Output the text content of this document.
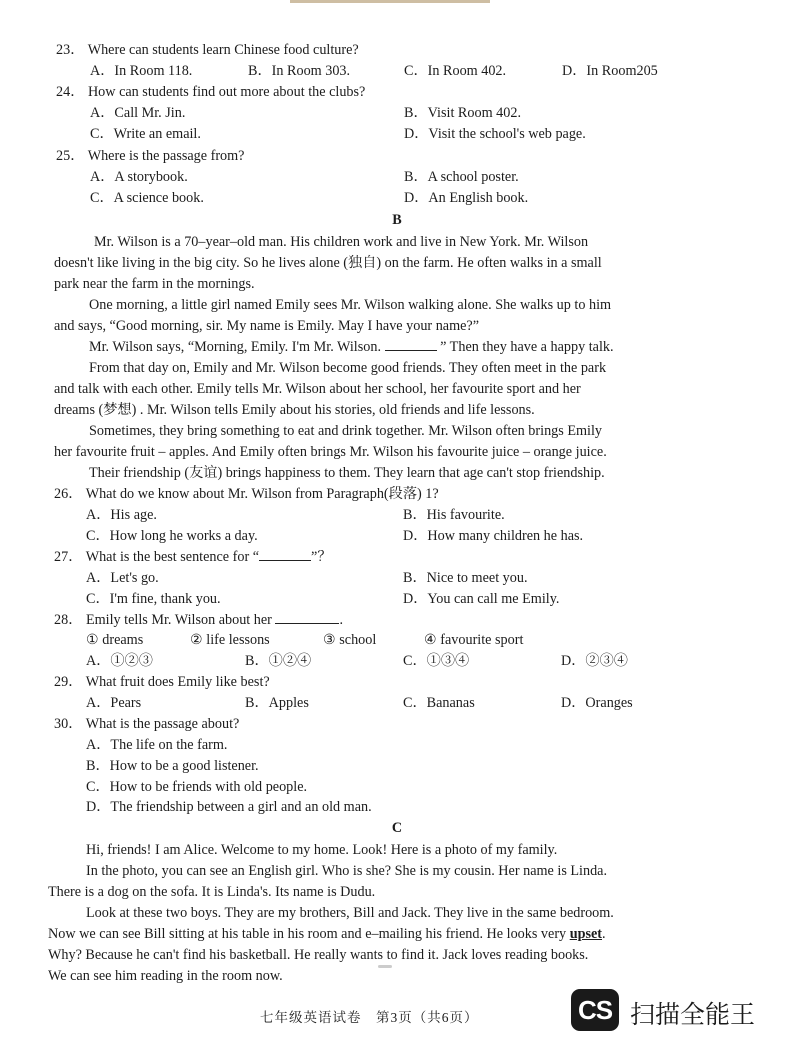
23． Where can students learn Chinese food culture?
A．In Room 118.	B．In Room 303.	C．In Room 402.	D．In Room205
24． How can students find out more about the clubs?
A．Call Mr. Jin.	B．Visit Room 402.
C．Write an email.	D．Visit the school's web page.
25． Where is the passage from?
A．A storybook.	B．A school poster.
C．A science book.	D．An English book.
B
Mr. Wilson is a 70–year–old man. His children work and live in New York. Mr. Wilson
doesn't like living in the big city. So he lives alone (独自) on the farm. He often walks in a small
park near the farm in the mornings.
One morning, a little girl named Emily sees Mr. Wilson walking alone. She walks up to him
and says, “Good morning, sir. My name is Emily. May I have your name?”
Mr. Wilson says, “Morning, Emily. I'm Mr. Wilson.	” Then they have a happy talk.
From that day on, Emily and Mr. Wilson become good friends. They often meet in the park
and talk with each other. Emily tells Mr. Wilson about her school, her favourite sport and her
dreams (梦想) . Mr. Wilson tells Emily about his stories, old friends and life lessons.
Sometimes, they bring something to eat and drink together. Mr. Wilson often brings Emily
her favourite fruit – apples. And Emily often brings Mr. Wilson his favourite juice – orange juice.
Their friendship (友谊) brings happiness to them. They learn that age can't stop friendship.
26． What do we know about Mr. Wilson from Paragraph(段落) 1?
A．His age.	B．His favourite.
C．How long he works a day.	D．How many children he has.
27． What is the best sentence for “	”？
A．Let's go.	B．Nice to meet you.
C．I'm fine, thank you.	D．You can call me Emily.
28． Emily tells Mr. Wilson about her	.
① dreams	② life lessons	③ school	④ favourite sport
A．①②③	B．①②④	C．①③④	D．②③④
29． What fruit does Emily like best?
A．Pears	B．Apples	C．Bananas	D．Oranges
30． What is the passage about?
A．The life on the farm.
B．How to be a good listener.
C．How to be friends with old people.
D．The friendship between a girl and an old man.
C
Hi, friends! I am Alice. Welcome to my home. Look! Here is a photo of my family.
In the photo, you can see an English girl. Who is she? She is my cousin. Her name is Linda.
There is a dog on the sofa. It is Linda's. Its name is Dudu.
Look at these two boys. They are my brothers, Bill and Jack. They live in the same bedroom.
Now we can see Bill sitting at his table in his room and e–mailing his friend. He looks very upset.
Why? Because he can't find his basketball. He really wants to find it. Jack loves reading books.
We can see him reading in the room now.
七年级英语试卷　第3页（共6页）	CS 扫描全能王
